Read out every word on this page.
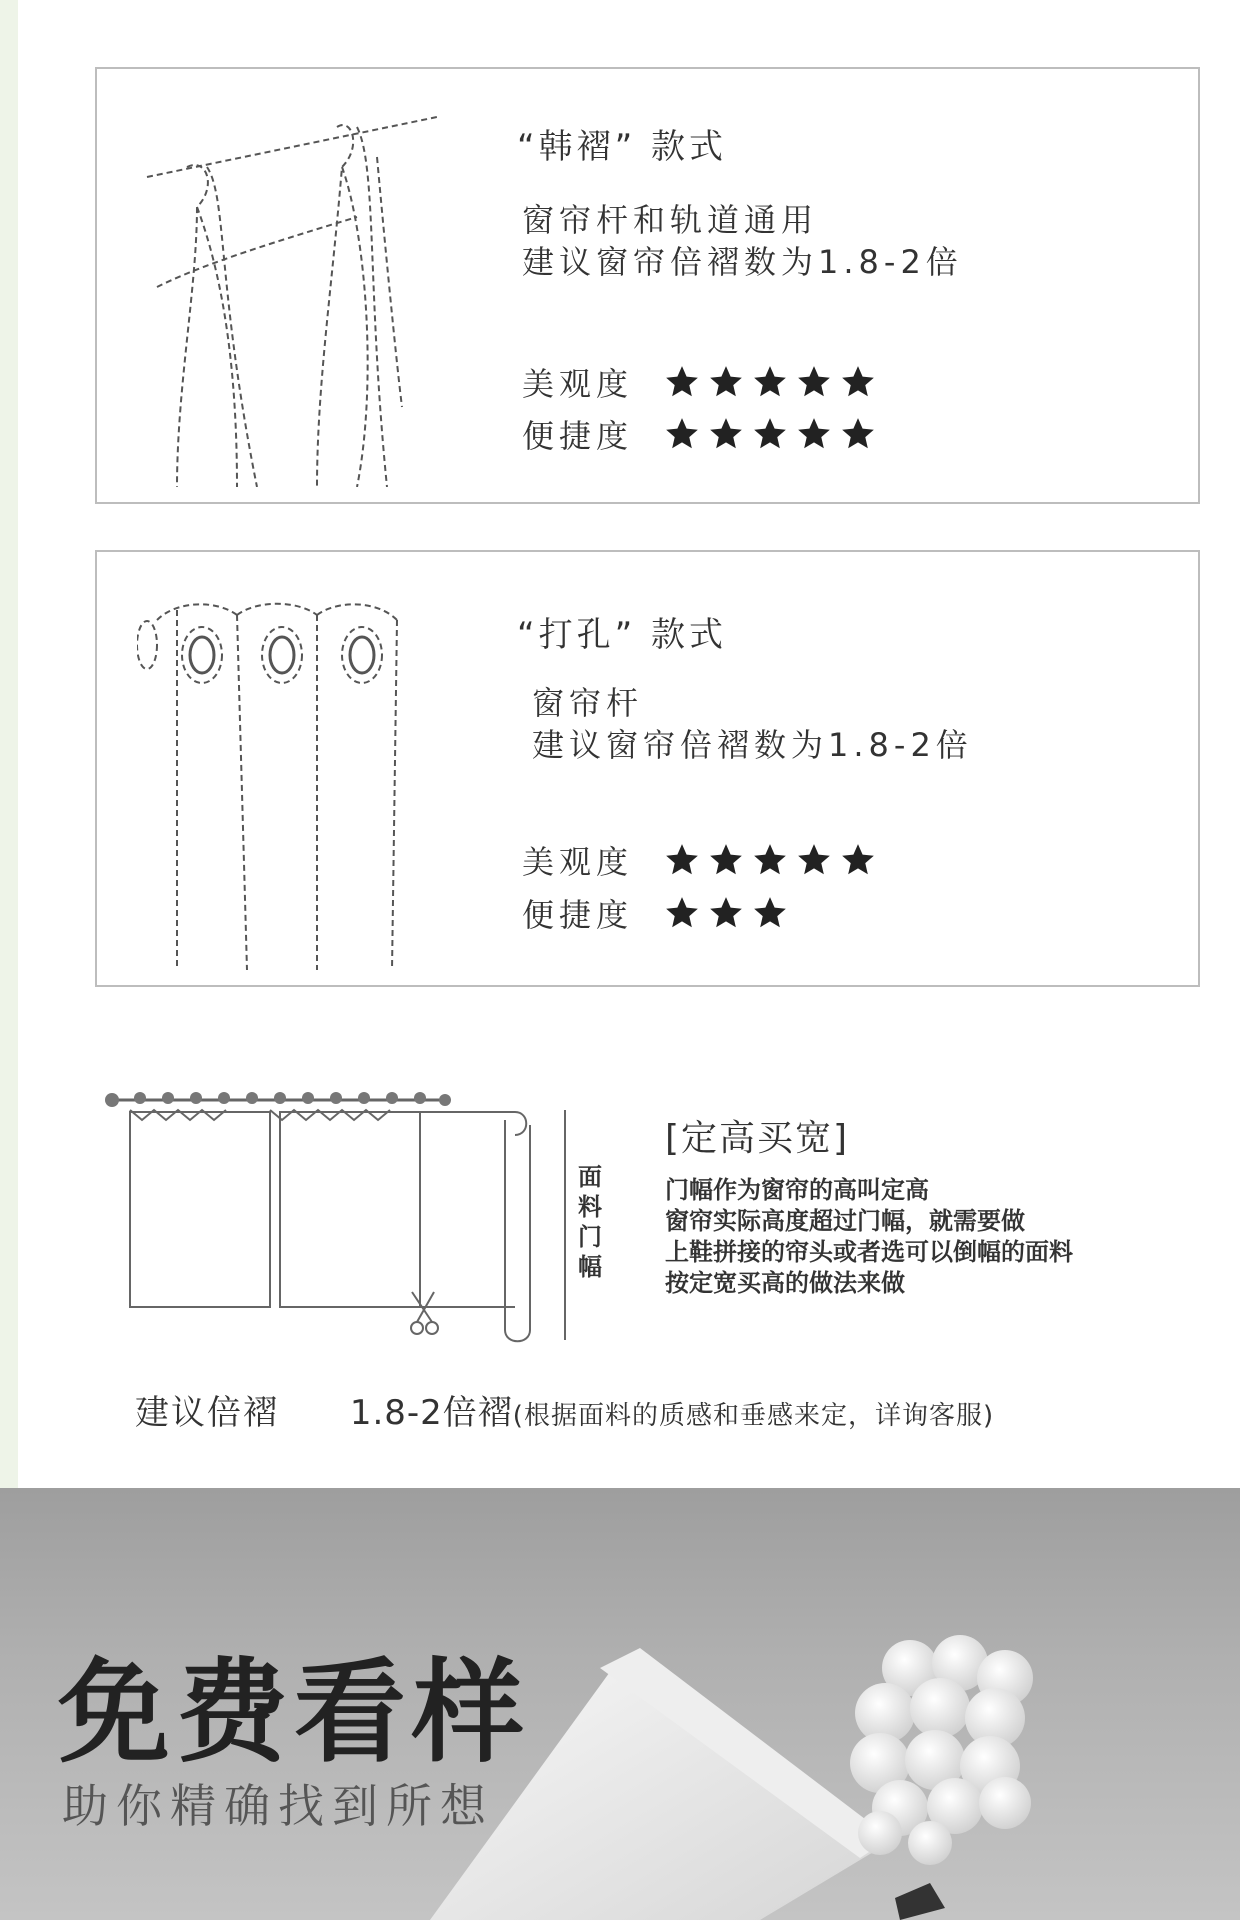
“韩褶” 款式
窗帘杆和轨道通用
建议窗帘倍褶数为1.8-2倍
美观度
便捷度
“打孔” 款式
窗帘杆
建议窗帘倍褶数为1.8-2倍
美观度
便捷度
面料门幅
[定高买宽]
门幅作为窗帘的高叫定高
窗帘实际高度超过门幅，就需要做
上鞋拼接的帘头或者选可以倒幅的面料
按定宽买高的做法来做
建议倍褶 1.8-2倍褶(根据面料的质感和垂感来定，详询客服)
免费看样
助你精确找到所想
